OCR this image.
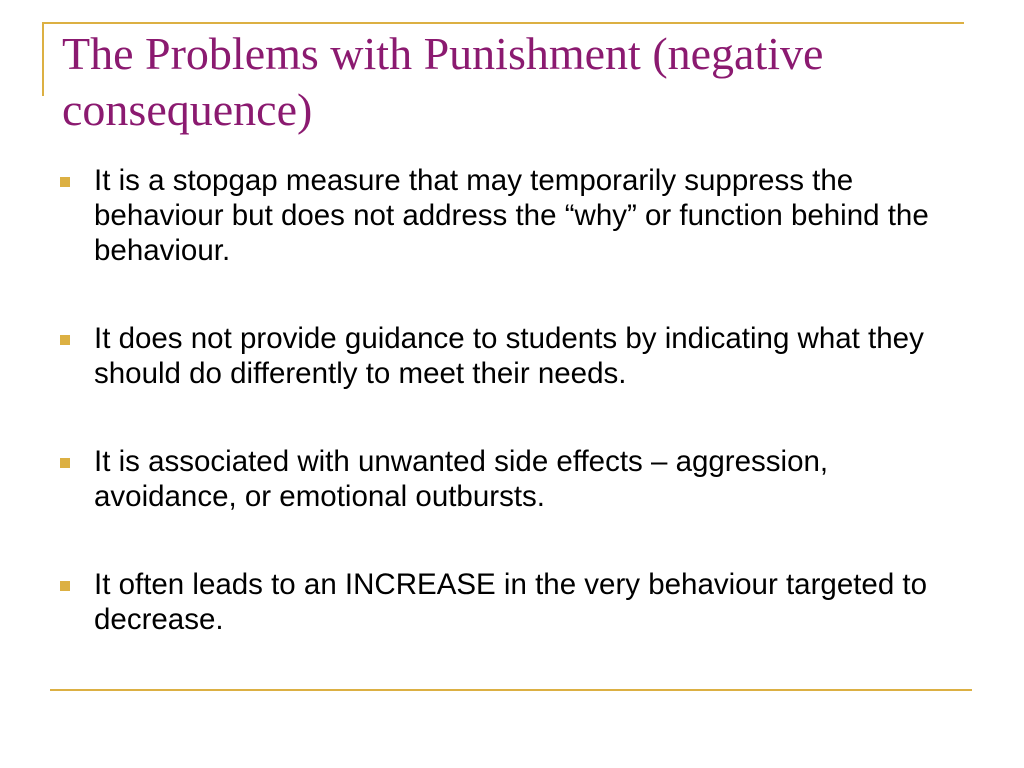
The Problems with Punishment (negative consequence)
It is a stopgap measure that may temporarily suppress the behaviour but does not address the “why” or function behind the behaviour.
It does not provide guidance to students by indicating what they should do differently to meet their needs.
It is associated with unwanted side effects – aggression, avoidance, or emotional outbursts.
It often leads to an INCREASE in the very behaviour targeted to decrease.
